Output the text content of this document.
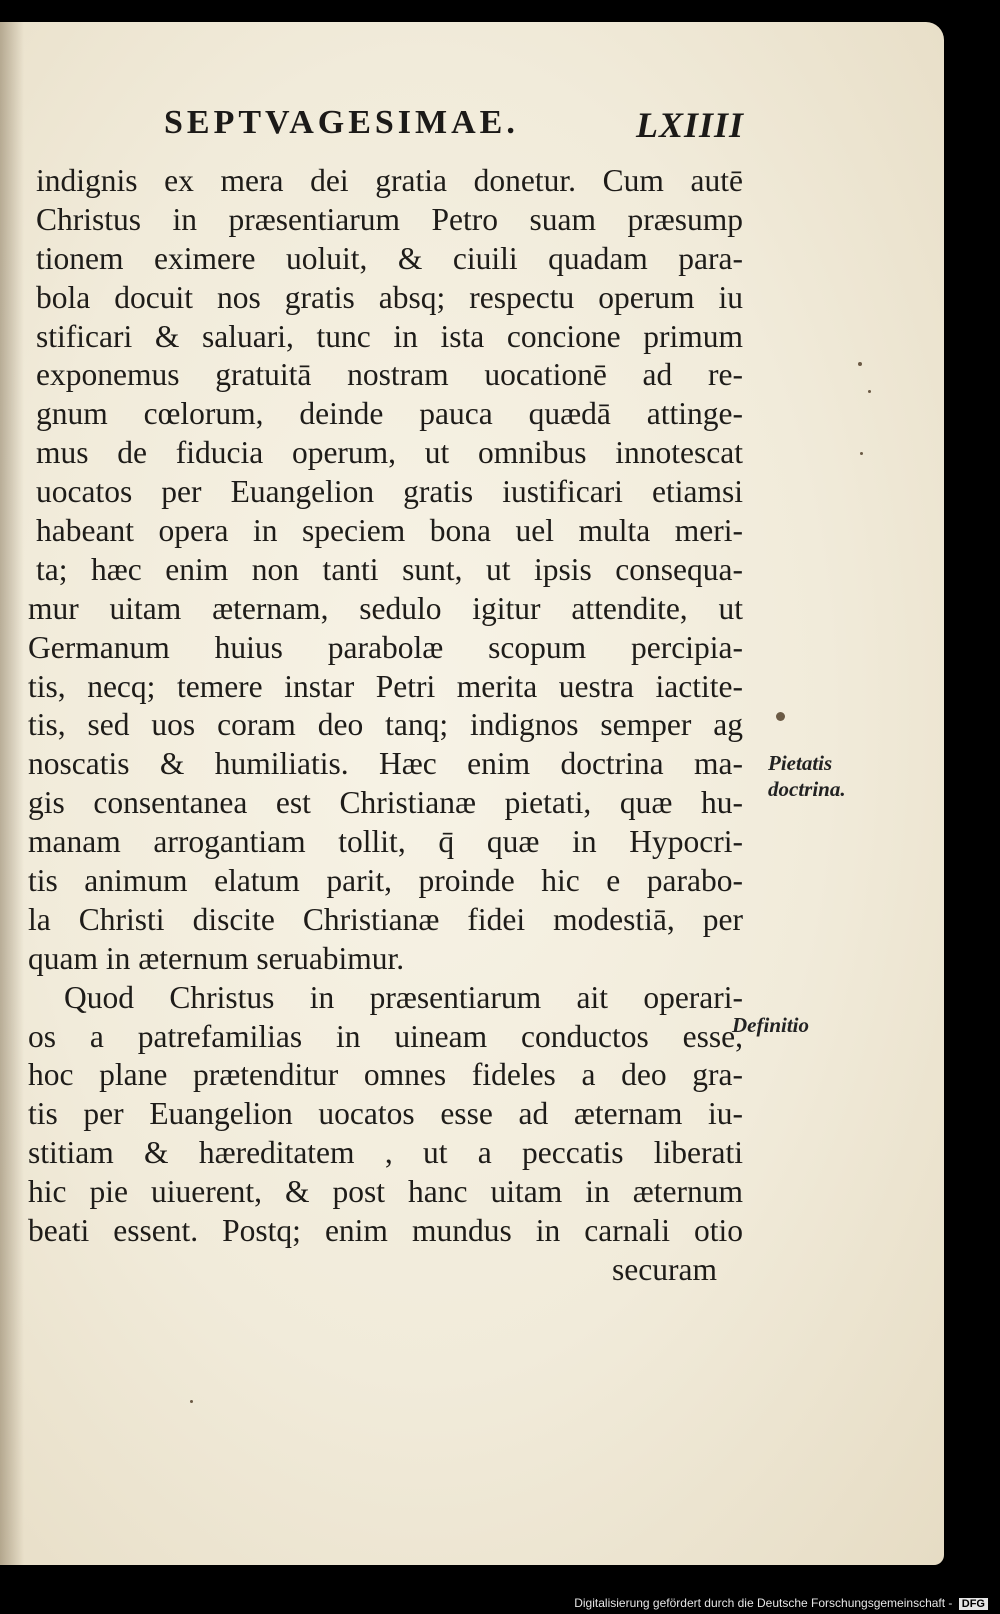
SEPTVAGESIMAE.	LXIIII
indignis ex mera dei gratia donetur. Cum autē
Christus in præsentiarum Petro suam præsump
tionem eximere uoluit, & ciuili quadam para-
bola docuit nos gratis absq; respectu operum iu
stificari & saluari, tunc in ista concione primum
exponemus gratuitā nostram uocationē ad re-
gnum cœlorum, deinde pauca quædā attinge-
mus de fiducia operum, ut omnibus innotescat
uocatos per Euangelion gratis iustificari etiamsi
habeant opera in speciem bona uel multa meri-
ta; hæc enim non tanti sunt, ut ipsis consequa-
mur uitam æternam, sedulo igitur attendite, ut
Germanum huius parabolæ scopum percipia-
tis, necq; temere instar Petri merita uestra iactite-
tis, sed uos coram deo tanq; indignos semper ag
noscatis & humiliatis. Hæc enim doctrina ma-
gis consentanea est Christianæ pietati, quæ hu-
manam arrogantiam tollit, q̄ quæ in Hypocri-
tis animum elatum parit, proinde hic e parabo-
la Christi discite Christianæ fidei modestiā, per
quam in æternum seruabimur.
Quod Christus in præsentiarum ait operari-
os a patrefamilias in uineam conductos esse,
hoc plane prætenditur omnes fideles a deo gra-
tis per Euangelion uocatos esse ad æternam iu-
stitiam & hæreditatem , ut a peccatis liberati
hic pie uiuerent, & post hanc uitam in æternum
beati essent. Postq; enim mundus in carnali otio
securam
Pietatis
doctrina.
Definitio
Digitalisierung gefördert durch die Deutsche Forschungsgemeinschaft - DFG
